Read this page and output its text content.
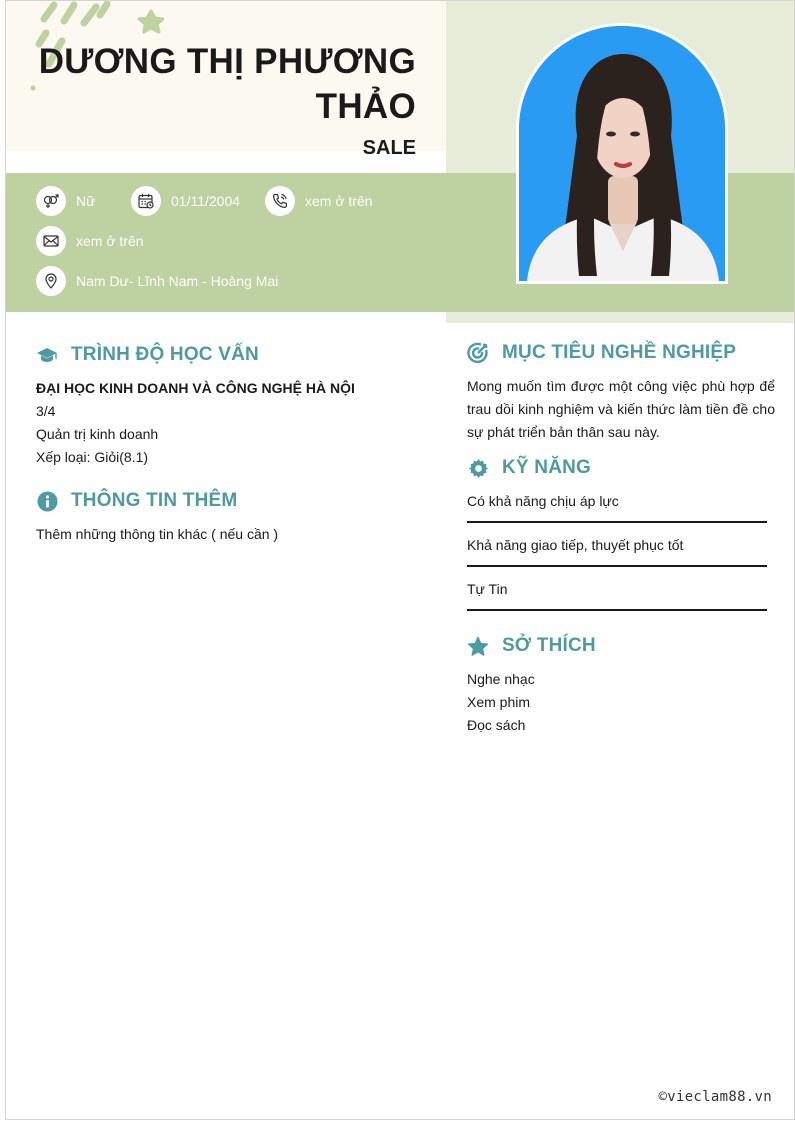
DƯƠNG THỊ PHƯƠNG
THẢO
SALE
Nữ	01/11/2004	xem ở trên
xem ở trên
Nam Dư- Lĩnh Nam - Hoàng Mai
TRÌNH ĐỘ HỌC VẤN
ĐẠI HỌC KINH DOANH VÀ CÔNG NGHỆ HÀ NỘI
3/4
Quản trị kinh doanh
Xếp loại: Giỏi(8.1)
THÔNG TIN THÊM
Thêm những thông tin khác ( nếu cần )
MỤC TIÊU NGHỀ NGHIỆP
Mong muốn tìm được một công việc phù hợp để trau dồi kinh nghiệm và kiến thức làm tiền đề cho sự phát triển bản thân sau này.
KỸ NĂNG
Có khả năng chịu áp lực
Khả năng giao tiếp, thuyết phục tốt
Tự Tin
SỞ THÍCH
Nghe nhạc
Xem phim
Đọc sách
©vieclam88.vn
